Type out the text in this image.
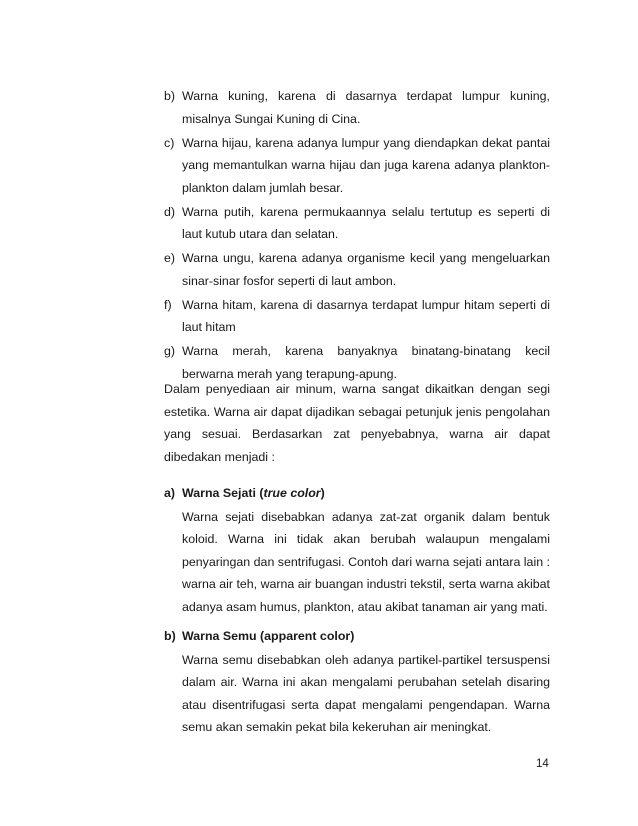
b) Warna kuning, karena di dasarnya terdapat lumpur kuning, misalnya Sungai Kuning di Cina.
c) Warna hijau, karena adanya lumpur yang diendapkan dekat pantai yang memantulkan warna hijau dan juga karena adanya plankton-plankton dalam jumlah besar.
d) Warna putih, karena permukaannya selalu tertutup es seperti di laut kutub utara dan selatan.
e) Warna ungu, karena adanya organisme kecil yang mengeluarkan sinar-sinar fosfor seperti di laut ambon.
f) Warna hitam, karena di dasarnya terdapat lumpur hitam seperti di laut hitam
g) Warna merah, karena banyaknya binatang-binatang kecil berwarna merah yang terapung-apung.
Dalam penyediaan air minum, warna sangat dikaitkan dengan segi estetika. Warna air dapat dijadikan sebagai petunjuk jenis pengolahan yang sesuai. Berdasarkan zat penyebabnya, warna air dapat dibedakan menjadi :
a) Warna Sejati (true color)
Warna sejati disebabkan adanya zat-zat organik dalam bentuk koloid. Warna ini tidak akan berubah walaupun mengalami penyaringan dan sentrifugasi. Contoh dari warna sejati antara lain : warna air teh, warna air buangan industri tekstil, serta warna akibat adanya asam humus, plankton, atau akibat tanaman air yang mati.
b) Warna Semu (apparent color)
Warna semu disebabkan oleh adanya partikel-partikel tersuspensi dalam air. Warna ini akan mengalami perubahan setelah disaring atau disentrifugasi serta dapat mengalami pengendapan. Warna semu akan semakin pekat bila kekeruhan air meningkat.
14
